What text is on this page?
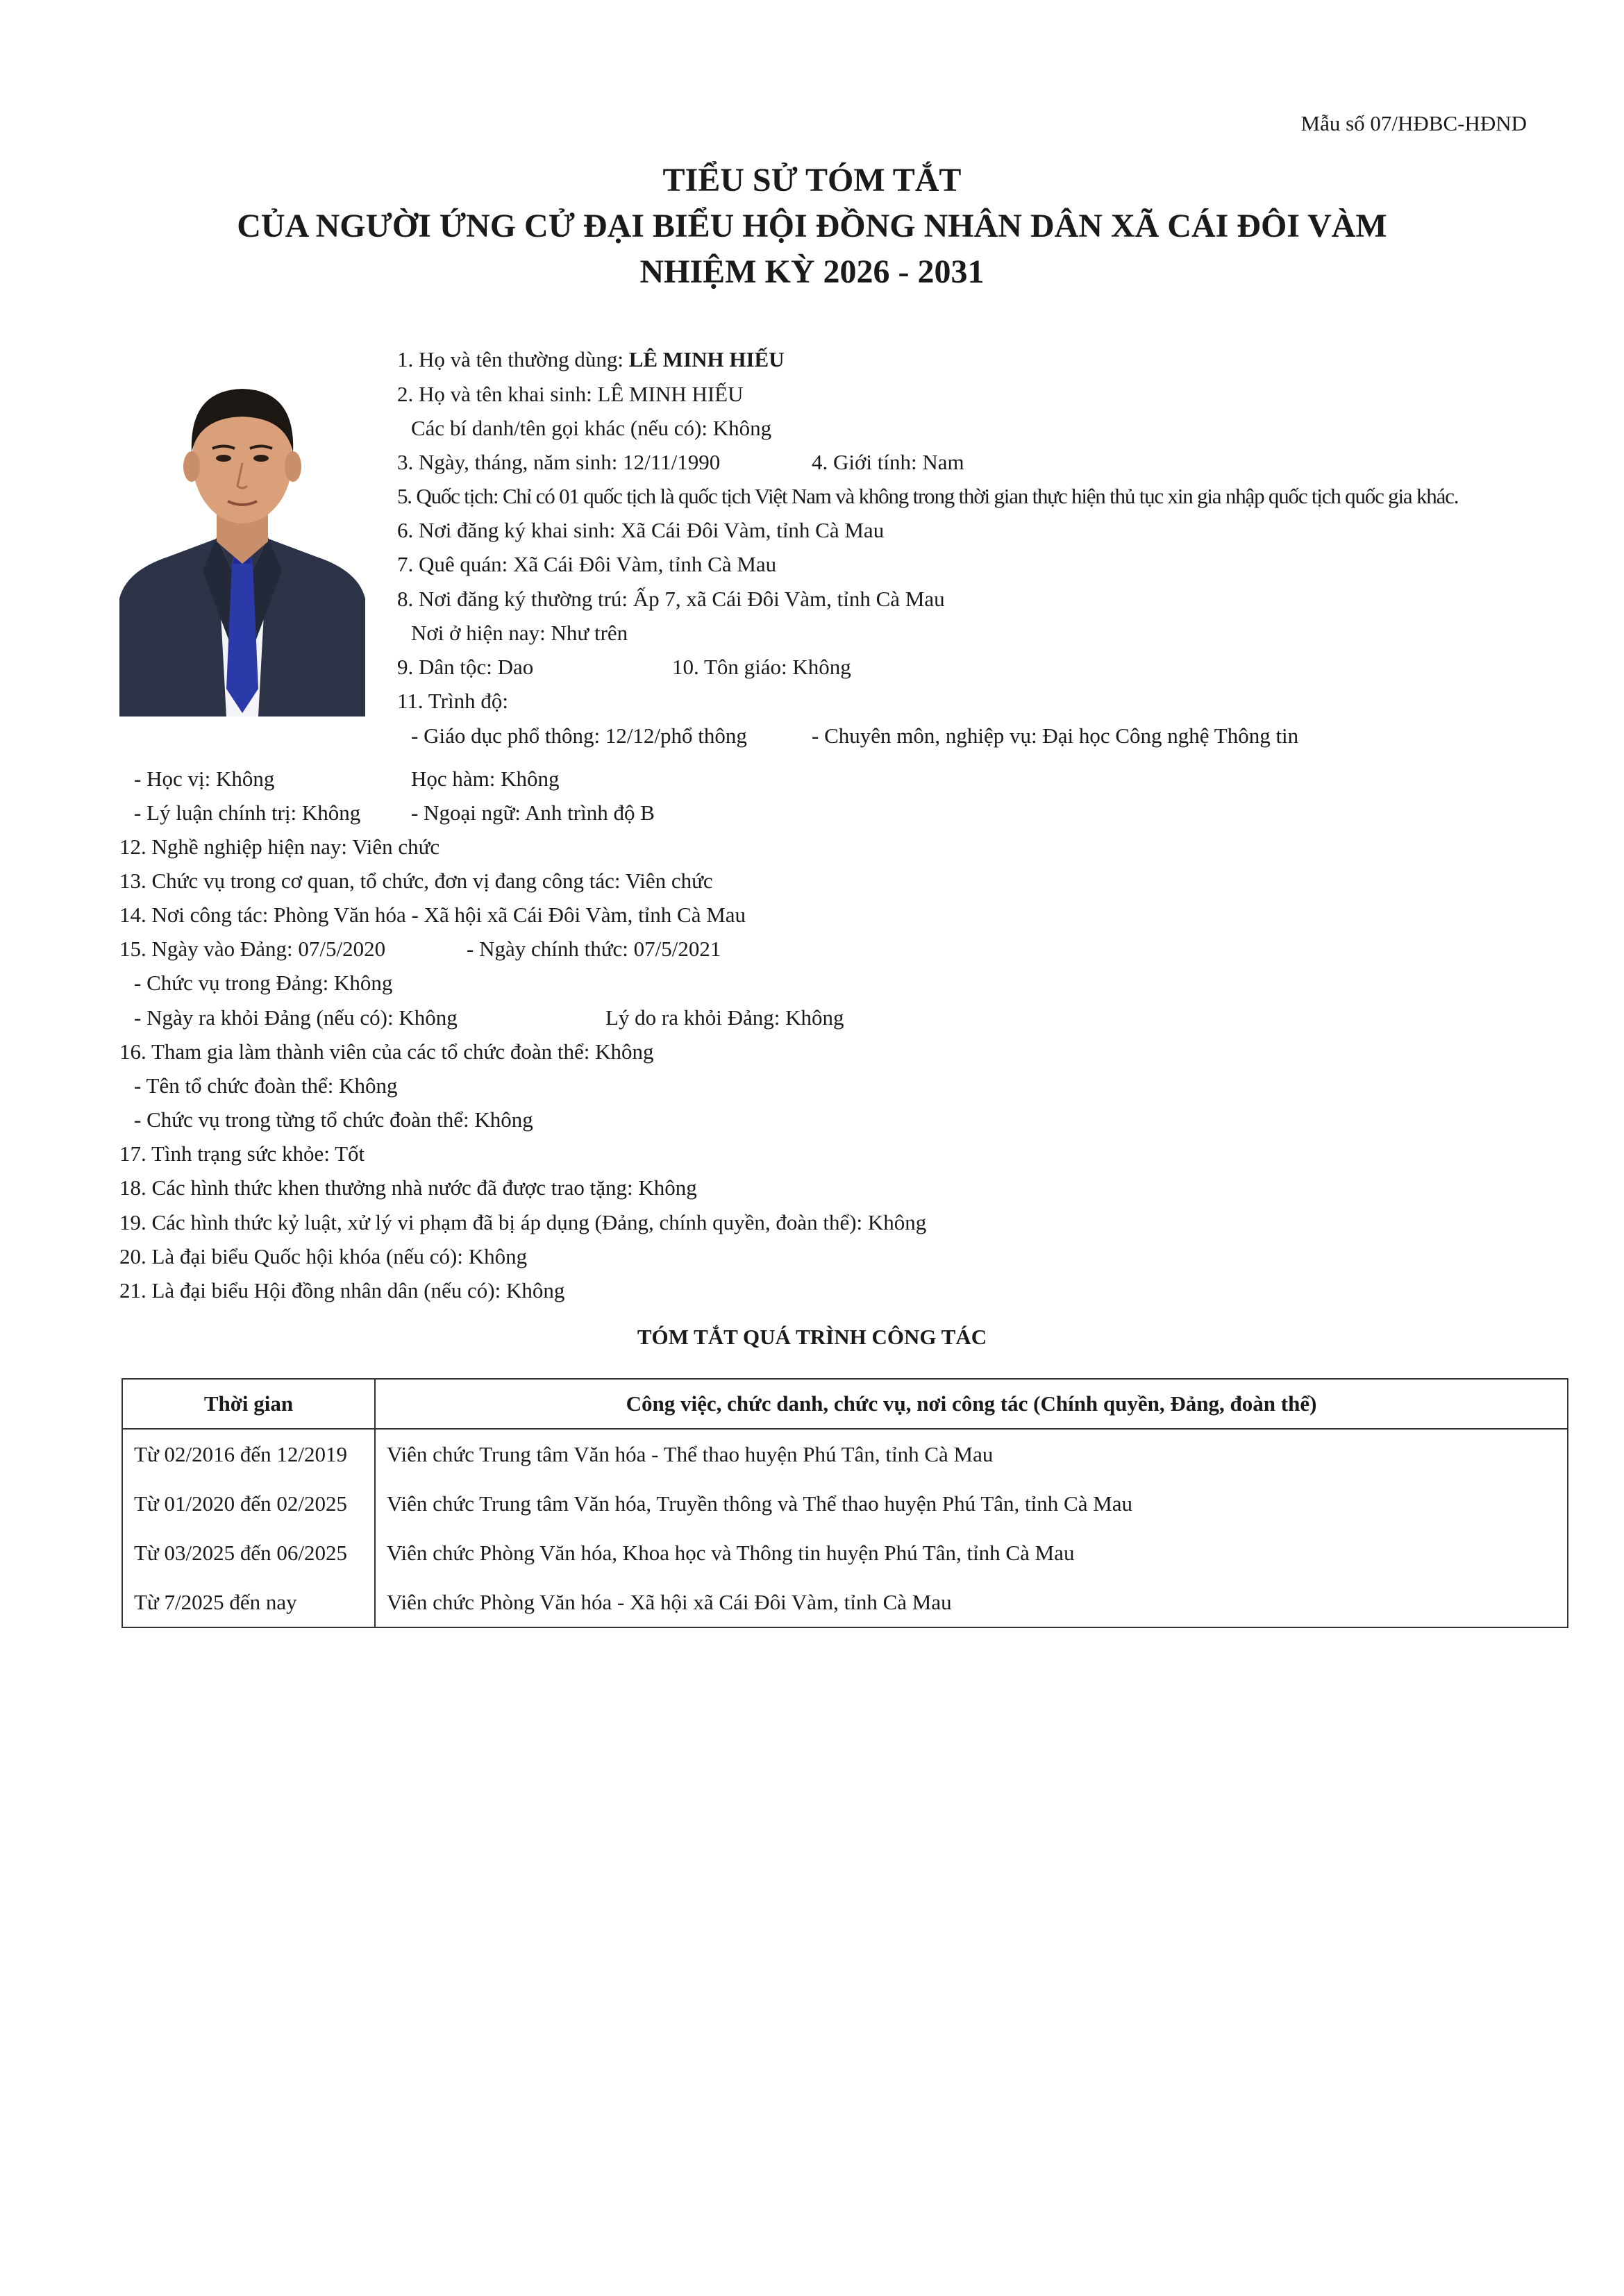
Mẫu số 07/HĐBC-HĐND
TIỂU SỬ TÓM TẮT
CỦA NGƯỜI ỨNG CỬ ĐẠI BIỂU HỘI ĐỒNG NHÂN DÂN XÃ CÁI ĐÔI VÀM
NHIỆM KỲ 2026 - 2031
1. Họ và tên thường dùng: LÊ MINH HIẾU
2. Họ và tên khai sinh: LÊ MINH HIẾU
Các bí danh/tên gọi khác (nếu có): Không
3. Ngày, tháng, năm sinh: 12/11/1990	4. Giới tính: Nam
5. Quốc tịch: Chỉ có 01 quốc tịch là quốc tịch Việt Nam và không trong thời gian thực hiện thủ tục xin gia nhập quốc tịch quốc gia khác.
6. Nơi đăng ký khai sinh: Xã Cái Đôi Vàm, tỉnh Cà Mau
7. Quê quán: Xã Cái Đôi Vàm, tỉnh Cà Mau
8. Nơi đăng ký thường trú: Ấp 7, xã Cái Đôi Vàm, tỉnh Cà Mau
Nơi ở hiện nay: Như trên
9. Dân tộc: Dao	10. Tôn giáo: Không
11. Trình độ:
- Giáo dục phổ thông: 12/12/phổ thông	- Chuyên môn, nghiệp vụ: Đại học Công nghệ Thông tin
- Học vị: Không	Học hàm: Không
- Lý luận chính trị: Không - Ngoại ngữ: Anh trình độ B
12. Nghề nghiệp hiện nay: Viên chức
13. Chức vụ trong cơ quan, tổ chức, đơn vị đang công tác: Viên chức
14. Nơi công tác: Phòng Văn hóa - Xã hội xã Cái Đôi Vàm, tỉnh Cà Mau
15. Ngày vào Đảng: 07/5/2020	- Ngày chính thức: 07/5/2021
- Chức vụ trong Đảng: Không
- Ngày ra khỏi Đảng (nếu có): Không	Lý do ra khỏi Đảng: Không
16. Tham gia làm thành viên của các tổ chức đoàn thể: Không
- Tên tổ chức đoàn thể: Không
- Chức vụ trong từng tổ chức đoàn thể: Không
17. Tình trạng sức khỏe: Tốt
18. Các hình thức khen thưởng nhà nước đã được trao tặng: Không
19. Các hình thức kỷ luật, xử lý vi phạm đã bị áp dụng (Đảng, chính quyền, đoàn thể): Không
20. Là đại biểu Quốc hội khóa (nếu có): Không
21. Là đại biểu Hội đồng nhân dân (nếu có): Không
TÓM TẮT QUÁ TRÌNH CÔNG TÁC
Thời gian	Công việc, chức danh, chức vụ, nơi công tác (Chính quyền, Đảng, đoàn thể)
Từ 02/2016 đến 12/2019	Viên chức Trung tâm Văn hóa - Thể thao huyện Phú Tân, tỉnh Cà Mau
Từ 01/2020 đến 02/2025	Viên chức Trung tâm Văn hóa, Truyền thông và Thể thao huyện Phú Tân, tỉnh Cà Mau
Từ 03/2025 đến 06/2025	Viên chức Phòng Văn hóa, Khoa học và Thông tin huyện Phú Tân, tỉnh Cà Mau
Từ 7/2025 đến nay	Viên chức Phòng Văn hóa - Xã hội xã Cái Đôi Vàm, tỉnh Cà Mau
